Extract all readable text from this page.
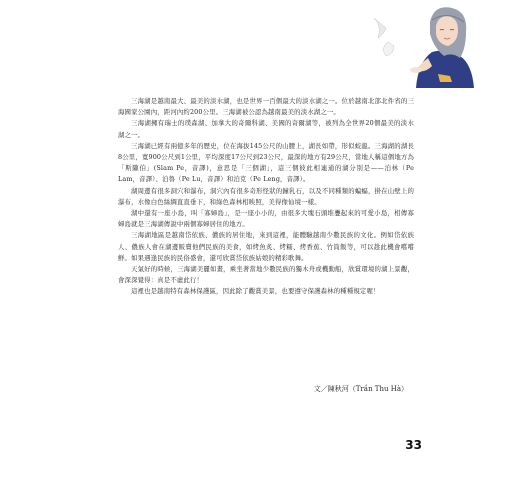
三海湖是越南最大、最美的淡水湖，也是世界一百個最大的淡水湖之一。位於越南北部北件省的三海國家公園內，距河內約200公里。三海湖被公認為越南最美的淡水湖之一。

三海湖擁有瑞士的璞森湖、加拿大的奇爾科湖、美國的奇爾湖等，被列為全世界20個最美的淡水湖之一。

三海湖已經有兩億多年的歷史，位在海拔145公尺的山腰上，湖長如帶，形似蛟龍。三海湖的湖長8公里，寬900公尺到1公里，平均深度17公尺到23公尺，最深的地方有29公尺，當地人稱這個地方為「斯隴伯」(Slam Pe，音譯)，意思是「三個湖」，這三個彼此相連通的湖分別是——泊林（Pe Lam，音譯）、泊魯（Pe Lu，音譯）和泊克（Pe Leng，音譯）。

湖周邊有很多洞穴和瀑布，洞穴內有很多奇形怪狀的鐘乳石，以及不同種類的蝙蝠，掛在山壁上的瀑布，水像白色絲綢直直垂下，和綠色森林相映照，美得像仙境一樣。

湖中還有一座小島，叫「寡婦島」，是一座小小的，由很多大塊石頭堆疊起來的可愛小島，相傳寡婦島就是三海湖傳說中兩個寡婦居住的地方。

三海湖地區是越南岱依族、儂族的居住地，來到這裡，能體驗越南少數民族的文化。例如岱依族人、儂族人會在湖邊販賣他們民族的美食，如烤魚炙、烤糯、烤香蕉、竹筒飯等，可以趁此機會嚐嚐鮮。如果遇逢民族的民俗盛會，還可欣賞岱依族姑娘的精彩歌舞。

天氣好的時候，三海湖美麗如畫，乘坐著當地少數民族的獨木舟或機動船，欣賞環境的湖上景觀，會深深覺得：真是不虛此行！

這裡也是越南特有森林保護區，因此除了觀賞美景，也要遵守保護森林的種種規定喔！

文／陳秋河（Trần Thu Hà）
33
